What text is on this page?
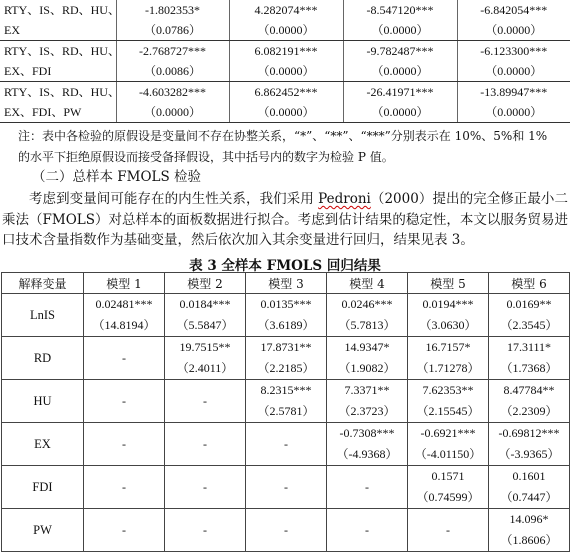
RTY、IS、RD、HU、	-1.802353*	4.282074***	-8.547120***	-6.842054***
EX	（0.0786）	（0.0000）	（0.0000）	（0.0000）
RTY、IS、RD、HU、	-2.768727***	6.082191***	-9.782487***	-6.123300***
EX、FDI	（0.0086）	（0.0000）	（0.0000）	（0.0000）
RTY、IS、RD、HU、	-4.603282***	6.862452***	-26.41971***	-13.89947***
EX、FDI、PW	（0.0000）	（0.0000）	（0.0000）	（0.0000）
注：表中各检验的原假设是变量间不存在协整关系，“*”、“**”、“***”分别表示在 10%、5%和 1%的水平下拒绝原假设而接受备择假设，其中括号内的数字为检验 P 值。
（二）总样本 FMOLS 检验
考虑到变量间可能存在的内生性关系，我们采用 Pedroni（2000）提出的完全修正最小二乘法（FMOLS）对总样本的面板数据进行拟合。考虑到估计结果的稳定性，本文以服务贸易进口技术含量指数作为基础变量，然后依次加入其余变量进行回归，结果见表 3。
表 3 全样本 FMOLS 回归结果
解释变量	模型 1	模型 2	模型 3	模型 4	模型 5	模型 6
LnIS	0.02481***	0.0184***	0.0135***	0.0246***	0.0194***	0.0169**
	（14.8194）	（5.5847）	（3.6189）	（5.7813）	（3.0630）	（2.3545）
RD	-	19.7515**	17.8731**	14.9347*	16.7157*	17.3111*
		（2.4011）	（2.2185）	（1.9082）	（1.71278）	（1.7368）
HU	-	-	8.2315***	7.3371**	7.62353**	8.47784**
			（2.5781）	（2.3723）	（2.15545）	（2.2309）
EX	-	-	-	-0.7308***	-0.6921***	-0.69812***
				（-4.9368）	（-4.01150）	（-3.9365）
FDI	-	-	-	-	0.1571	0.1601
					（0.74599）	（0.7447）
PW	-	-	-	-	-	14.096*
						（1.8606）
